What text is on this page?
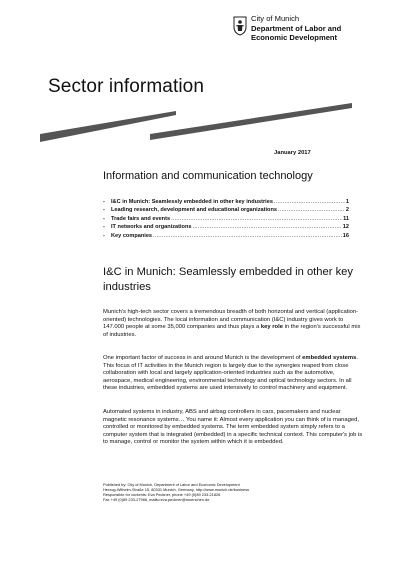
City of Munich
Department of Labor and
Economic Development
Sector information
January 2017
Information and communication technology
-	I&C in Munich: Seamlessly embedded in other key industries .....	1
-	Leading research, development and educational organizations .....	2
-	Trade fairs and events .....	11
-	IT networks and organizations .....	12
-	Key companies .....	16
I&C in Munich: Seamlessly embedded in other key industries
Munich's high-tech sector covers a tremendous breadth of both horizontal and vertical (application-oriented) technologies. The local information and communication (I&C) industry gives work to 147.000 people at some 35,000 companies and thus plays a key role in the region's successful mix of industries.
One important factor of success in and around Munich is the development of embedded systems. This focus of IT activities in the Munich region is largely due to the synergies reaped from close collaboration with local and largely application-oriented industries such as the automotive, aerospace, medical engineering, environmental technology and optical technology sectors. In all these industries, embedded systems are used intensively to control machinery and equipment.
Automated systems in industry, ABS and airbag controllers in cars, pacemakers and nuclear magnetic resonance systems… You name it: Almost every application you can think of is managed, controlled or monitored by embedded systems. The term embedded system simply refers to a computer system that is integrated (embedded) in a specific technical context. This computer's job is to manage, control or monitor the system within which it is embedded.
Published by: City of Munich, Department of Labor and Economic Development
Herzog-Wilhelm-Straße 15, 80331 Munich, Germany, http://www.munich.de/business
Responsible for contents: Eva Peckner, phone +49 (0)89 233-21826
Fax +49 (0)89 233-27966, mailto:eva.peckner@muenchen.de
